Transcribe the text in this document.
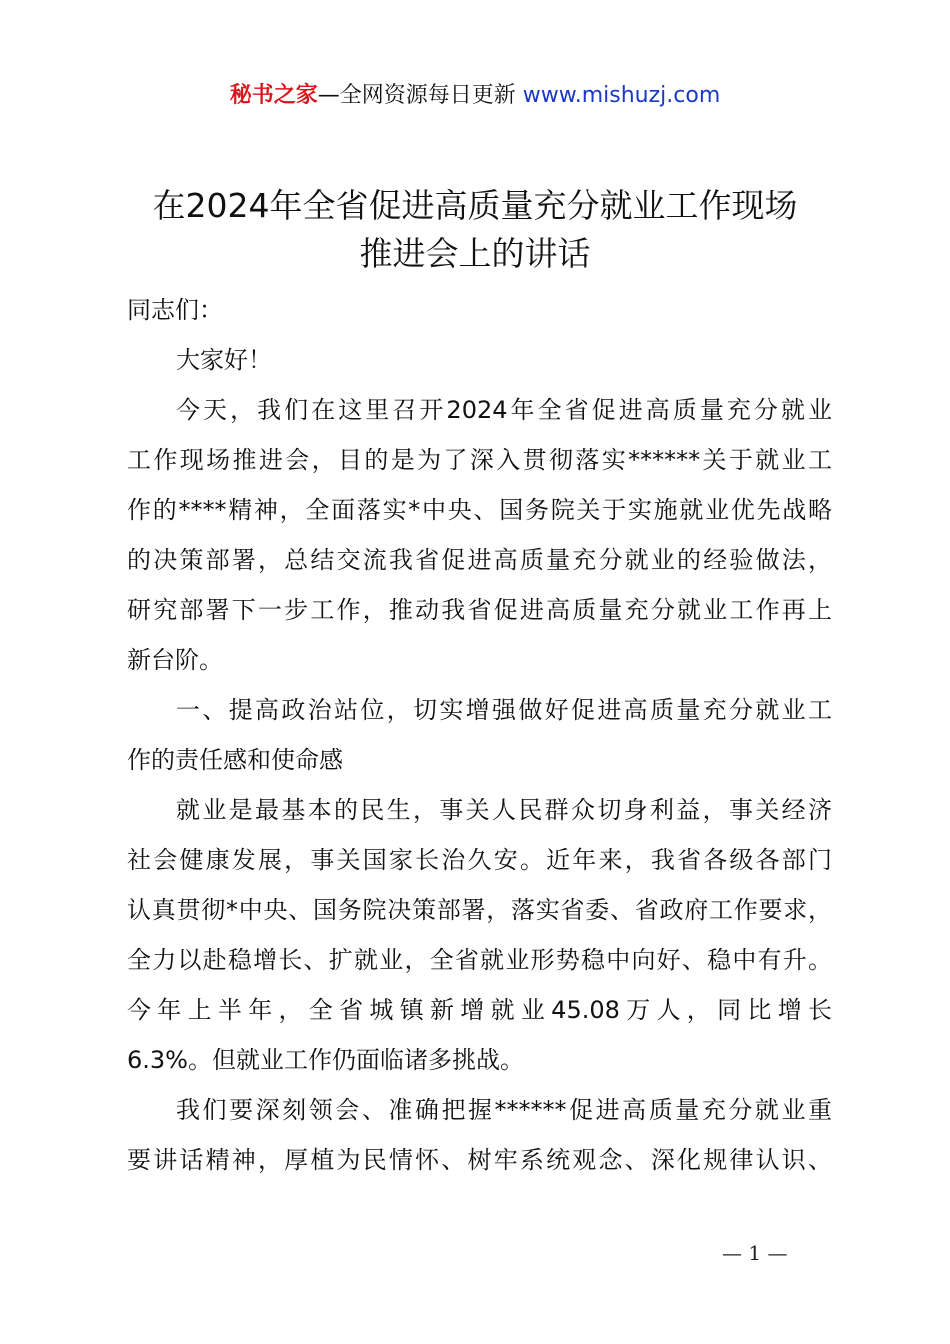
秘书之家—全网资源每日更新 www.mishuzj.com
在2024年全省促进高质量充分就业工作现场
推进会上的讲话

同志们：

大家好！

今天，我们在这里召开2024年全省促进高质量充分就业

工作现场推进会，目的是为了深入贯彻落实******关于就业工

作的****精神，全面落实*中央、国务院关于实施就业优先战略

的决策部署，总结交流我省促进高质量充分就业的经验做法，

研究部署下一步工作，推动我省促进高质量充分就业工作再上

新台阶。

一、提高政治站位，切实增强做好促进高质量充分就业工

作的责任感和使命感

就业是最基本的民生，事关人民群众切身利益，事关经济

社会健康发展，事关国家长治久安。近年来，我省各级各部门

认真贯彻*中央、国务院决策部署，落实省委、省政府工作要求，

全力以赴稳增长、扩就业，全省就业形势稳中向好、稳中有升。

今年上半年，全省城镇新增就业45.08万人，同比增长

6.3%。但就业工作仍面临诸多挑战。

我们要深刻领会、准确把握******促进高质量充分就业重

要讲话精神，厚植为民情怀、树牢系统观念、深化规律认识、

— 1 —
